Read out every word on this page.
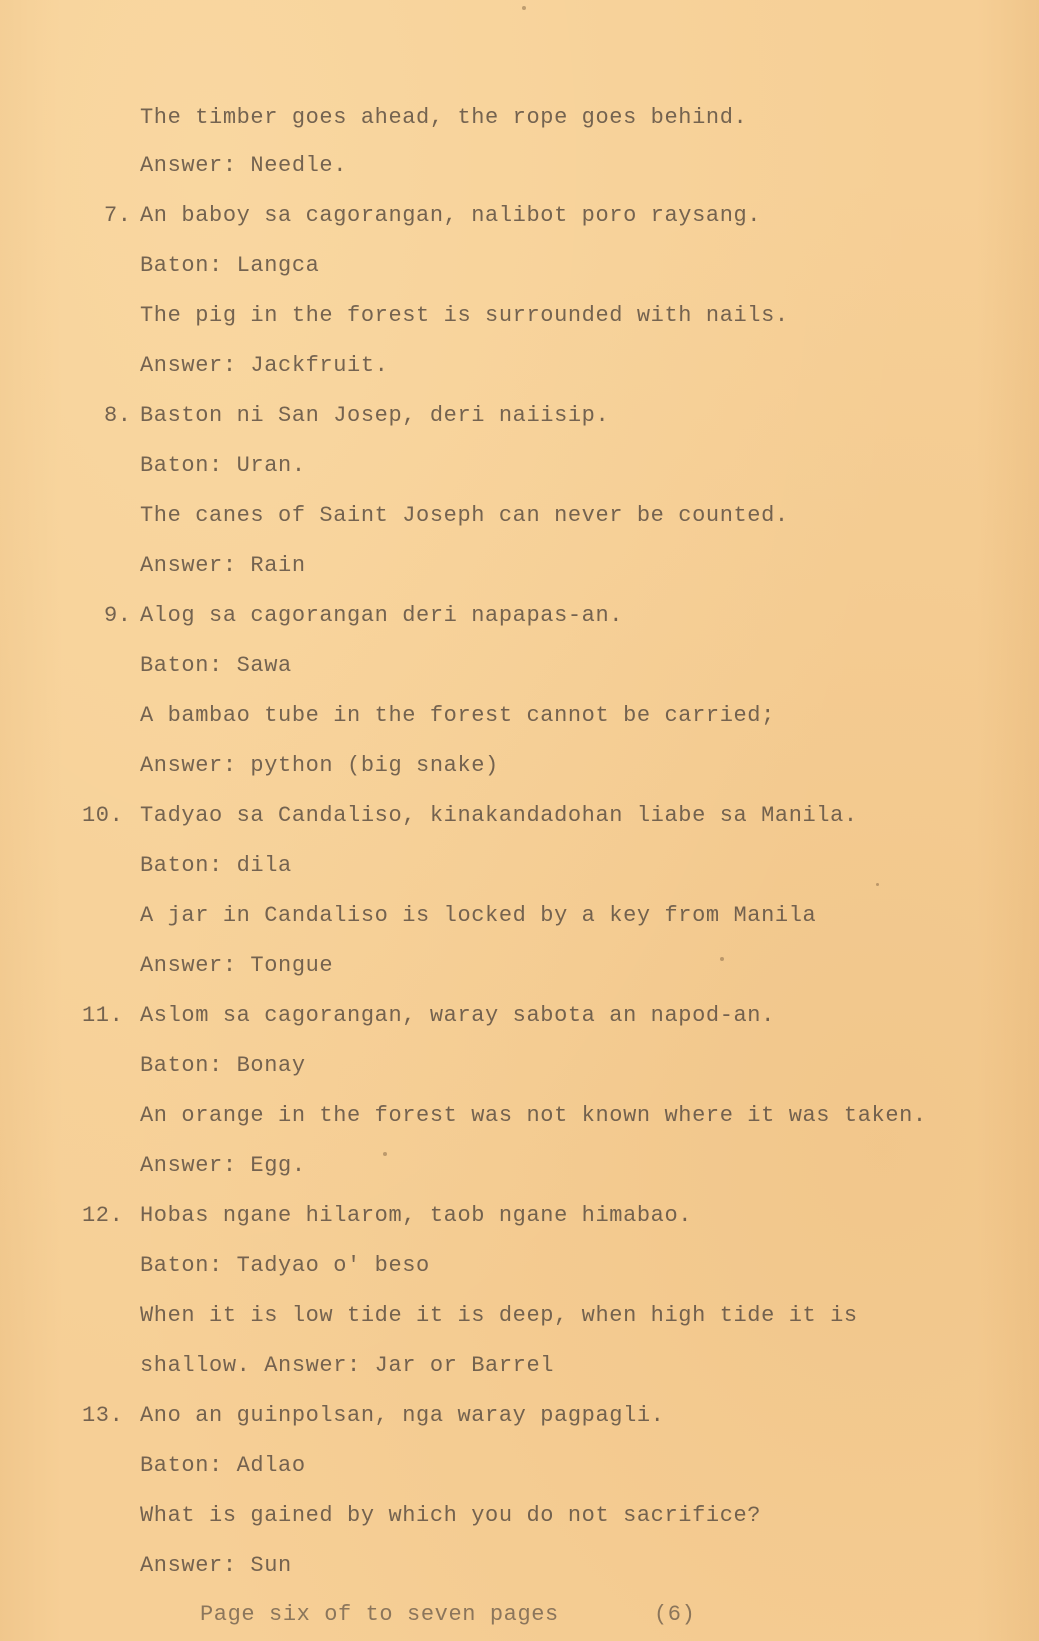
The timber goes ahead, the rope goes behind.
Answer: Needle.
7. An baboy sa cagorangan, nalibot poro raysang.
Baton: Langca
The pig in the forest is surrounded with nails.
Answer: Jackfruit.
8. Baston ni San Josep, deri naiisip.
Baton: Uran.
The canes of Saint Joseph can never be counted.
Answer: Rain
9. Alog sa cagorangan deri napapas-an.
Baton: Sawa
A bambao tube in the forest cannot be carried;
Answer: python (big snake)
10. Tadyao sa Candaliso, kinakandadohan liabe sa Manila.
Baton: dila
A jar in Candaliso is locked by a key from Manila
Answer: Tongue
11. Aslom sa cagorangan, waray sabota an napod-an.
Baton: Bonay
An orange in the forest was not known where it was taken.
Answer: Egg.
12. Hobas ngane hilarom, taob ngane himabao.
Baton: Tadyao o' beso
When it is low tide it is deep, when high tide it is
shallow. Answer: Jar or Barrel
13. Ano an guinpolsan, nga waray pagpagli.
Baton: Adlao
What is gained by which you do not sacrifice?
Answer: Sun
Page six of to seven pages	(6)
